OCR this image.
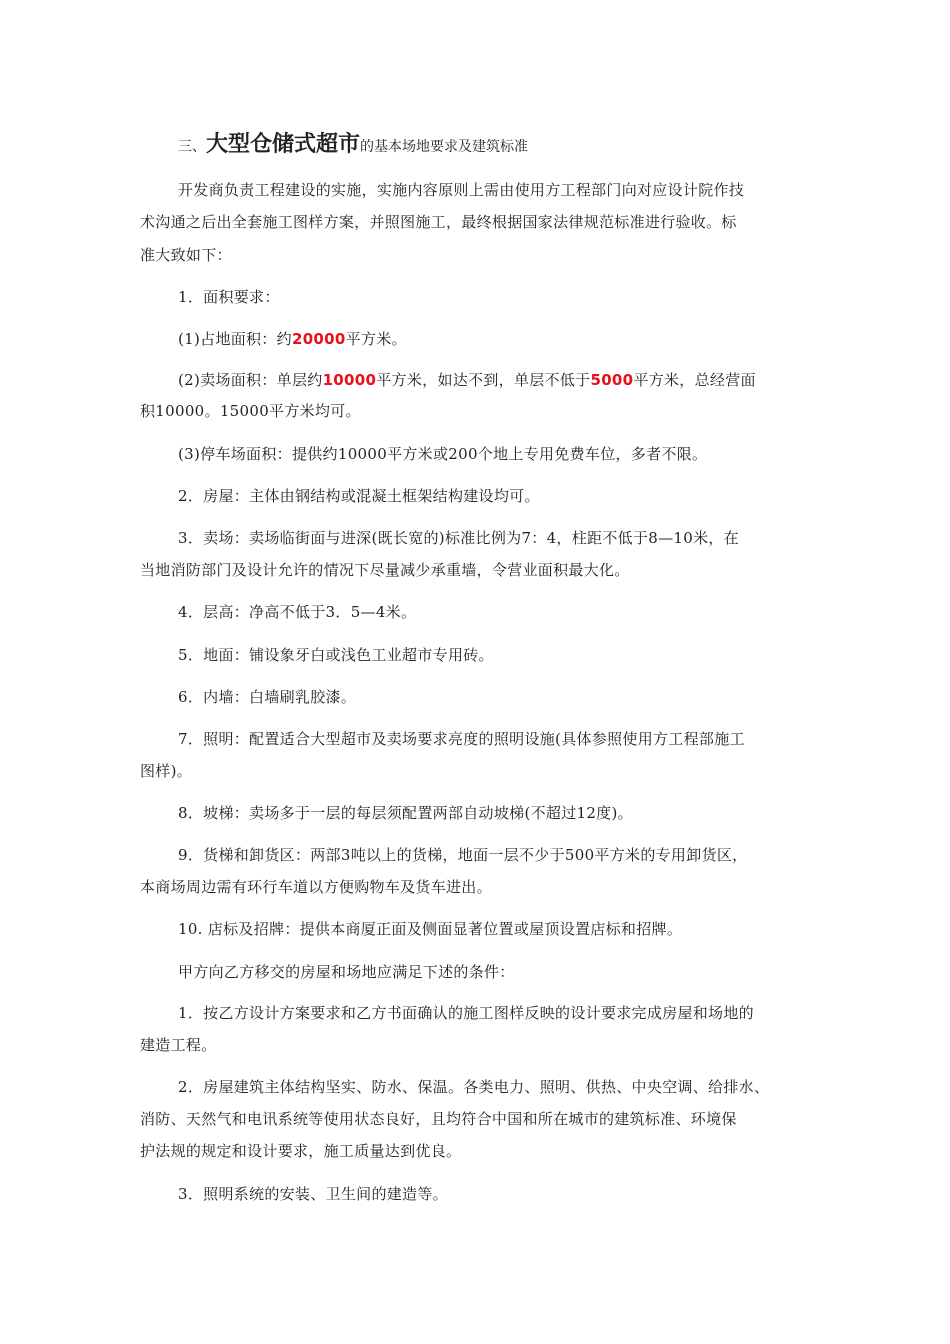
三、大型仓储式超市的基本场地要求及建筑标准
开发商负责工程建设的实施，实施内容原则上需由使用方工程部门向对应设计院作技
术沟通之后出全套施工图样方案，并照图施工，最终根据国家法律规范标准进行验收。标
准大致如下：
1．面积要求：
(1)占地面积：约20000平方米。
(2)卖场面积：单层约10000平方米，如达不到，单层不低于5000平方米，总经营面
积10000。15000平方米均可。
(3)停车场面积：提供约10000平方米或200个地上专用免费车位，多者不限。
2．房屋：主体由钢结构或混凝土框架结构建设均可。
3．卖场：卖场临街面与进深(既长宽的)标准比例为7：4，柱距不低于8—10米，在
当地消防部门及设计允许的情况下尽量减少承重墙，令营业面积最大化。
4．层高：净高不低于3．5—4米。
5．地面：铺设象牙白或浅色工业超市专用砖。
6．内墙：白墙刷乳胶漆。
7．照明：配置适合大型超市及卖场要求亮度的照明设施(具体参照使用方工程部施工
图样)。
8．坡梯：卖场多于一层的每层须配置两部自动坡梯(不超过12度)。
9．货梯和卸货区：两部3吨以上的货梯，地面一层不少于500平方米的专用卸货区，
本商场周边需有环行车道以方便购物车及货车进出。
10. 店标及招牌：提供本商厦正面及侧面显著位置或屋顶设置店标和招牌。
甲方向乙方移交的房屋和场地应满足下述的条件：
1．按乙方设计方案要求和乙方书面确认的施工图样反映的设计要求完成房屋和场地的
建造工程。
2．房屋建筑主体结构坚实、防水、保温。各类电力、照明、供热、中央空调、给排水、
消防、天然气和电讯系统等使用状态良好，且均符合中国和所在城市的建筑标准、环境保
护法规的规定和设计要求，施工质量达到优良。
3．照明系统的安装、卫生间的建造等。
